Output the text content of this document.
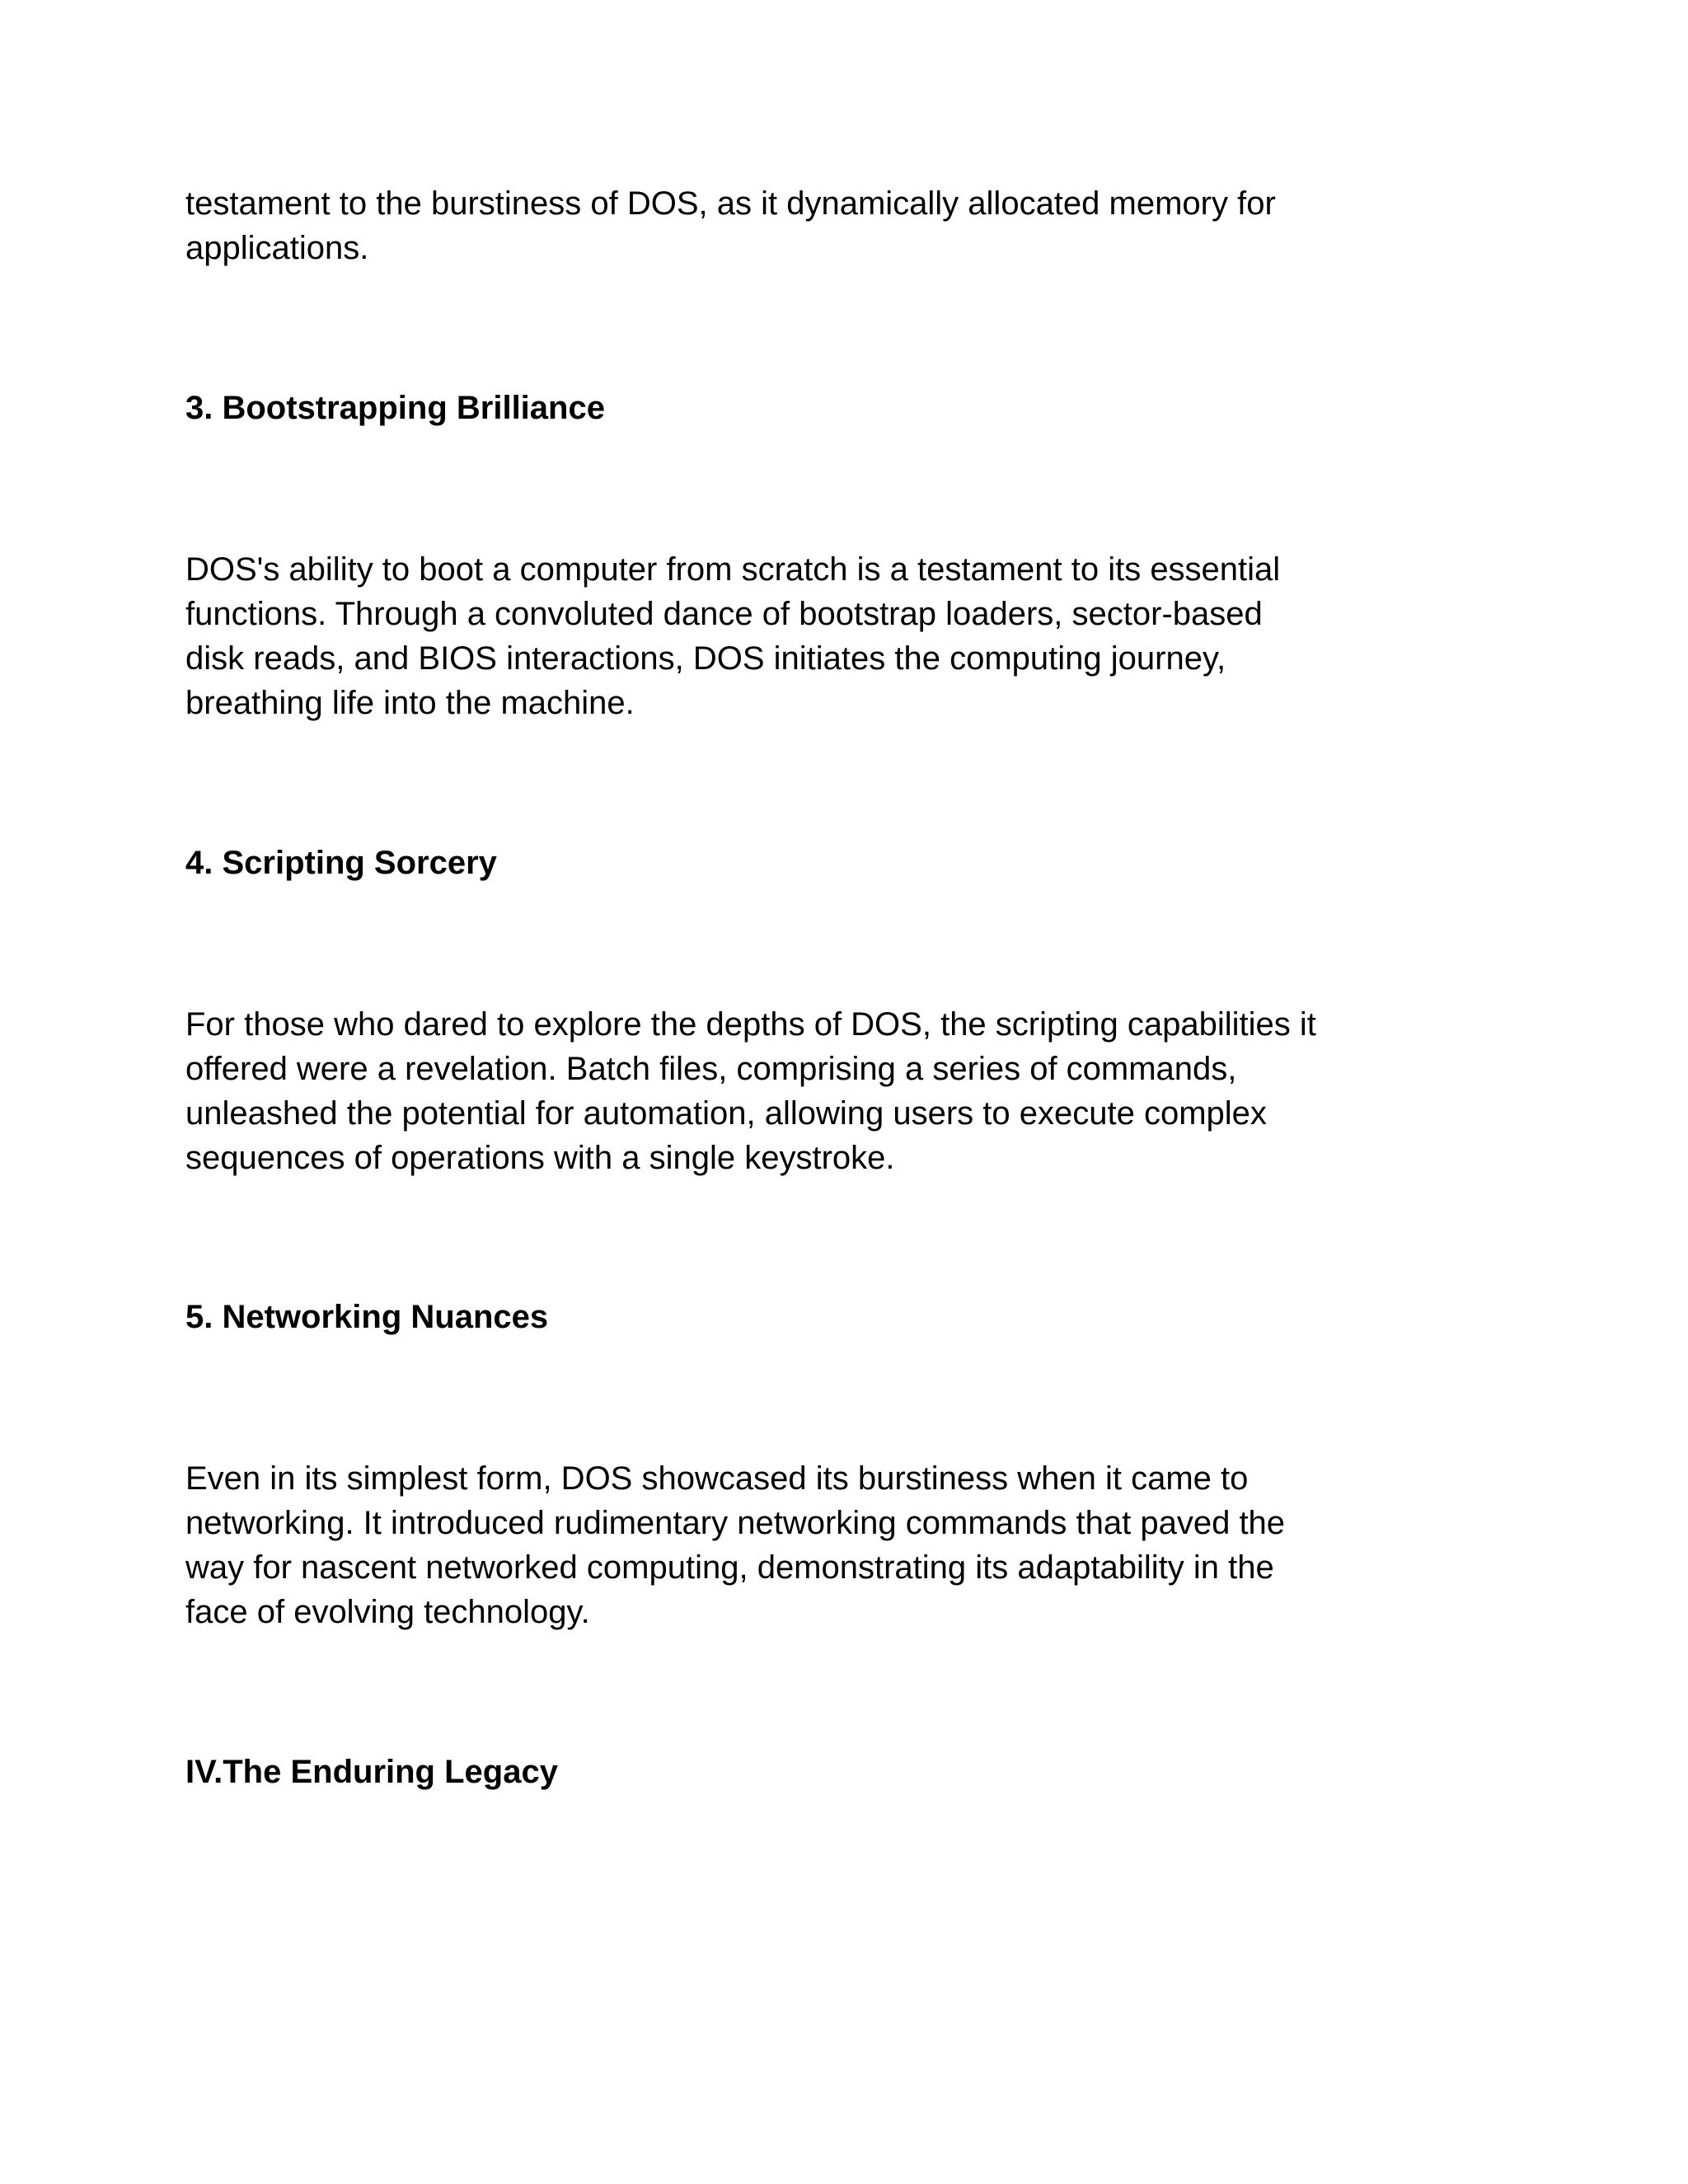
testament to the burstiness of DOS, as it dynamically allocated memory for
applications.

3. Bootstrapping Brilliance

DOS's ability to boot a computer from scratch is a testament to its essential
functions. Through a convoluted dance of bootstrap loaders, sector-based
disk reads, and BIOS interactions, DOS initiates the computing journey,
breathing life into the machine.

4. Scripting Sorcery

For those who dared to explore the depths of DOS, the scripting capabilities it
offered were a revelation. Batch files, comprising a series of commands,
unleashed the potential for automation, allowing users to execute complex
sequences of operations with a single keystroke.

5. Networking Nuances

Even in its simplest form, DOS showcased its burstiness when it came to
networking. It introduced rudimentary networking commands that paved the
way for nascent networked computing, demonstrating its adaptability in the
face of evolving technology.

IV.The Enduring Legacy
